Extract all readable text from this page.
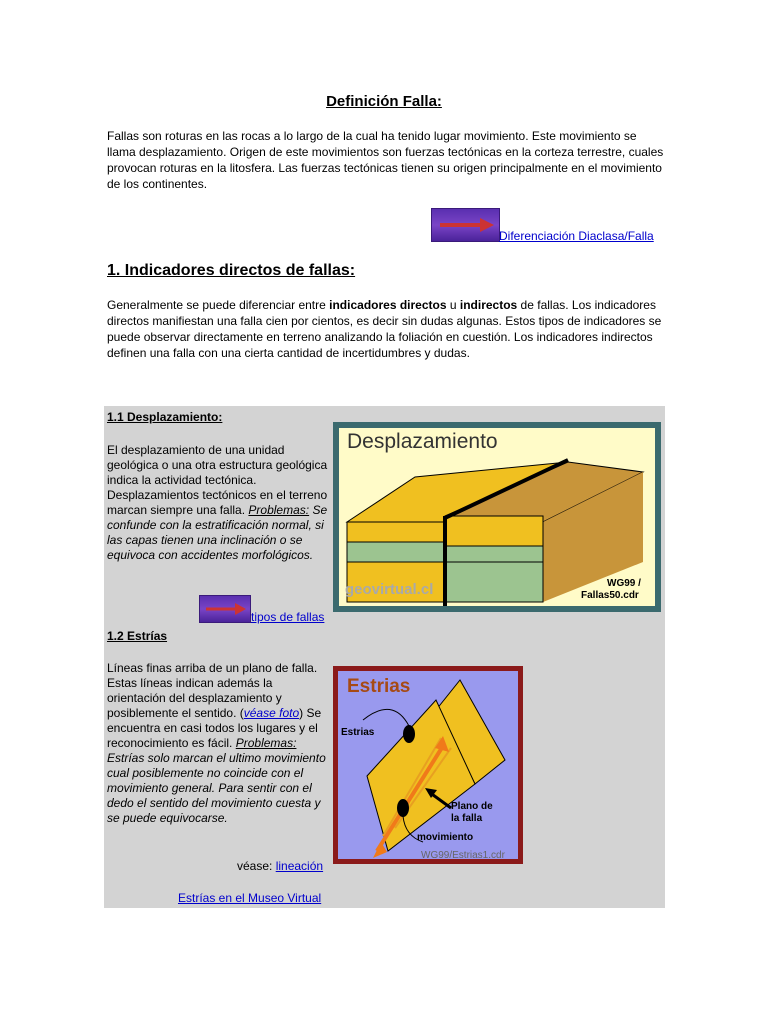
Definición Falla:
Fallas son roturas en las rocas a lo largo de la cual ha tenido lugar movimiento. Este movimiento se llama desplazamiento. Origen de este movimientos son fuerzas tectónicas en la corteza terrestre, cuales provocan roturas en la litosfera. Las fuerzas tectónicas tienen su origen principalmente en el movimiento de los continentes.
Diferenciación Diaclasa/Falla
1. Indicadores directos de fallas:
Generalmente se puede diferenciar entre indicadores directos u indirectos de fallas. Los indicadores directos manifiestan una falla cien por cientos, es decir sin dudas algunas. Estos tipos de indicadores se puede observar directamente en terreno analizando la foliación en cuestión. Los indicadores indirectos definen una falla con una cierta cantidad de incertidumbres y dudas.
1.1 Desplazamiento:
El desplazamiento de una unidad geológica o una otra estructura geológica indica la actividad tectónica. Desplazamientos tectónicos en el terreno marcan siempre una falla. Problemas: Se confunde con la estratificación normal, si las capas tienen una inclinación o se equivoca con accidentes morfológicos.
tipos de fallas
Desplazamiento
geovirtual.cl	WG99 /
Fallas50.cdr
1.2 Estrías
Líneas finas arriba de un plano de falla. Estas líneas indican además la orientación del desplazamiento y posiblemente el sentido. (véase foto) Se encuentra en casi todos los lugares y el reconocimiento es fácil. Problemas: Estrías solo marcan el ultimo movimiento cual posiblemente no coincide con el movimiento general. Para sentir con el dedo el sentido del movimiento cuesta y se puede equivocarse.
véase: lineación
Estrías en el Museo Virtual
Estrias
Estrias
Plano de
la falla
movimiento
WG99/Estrias1.cdr
